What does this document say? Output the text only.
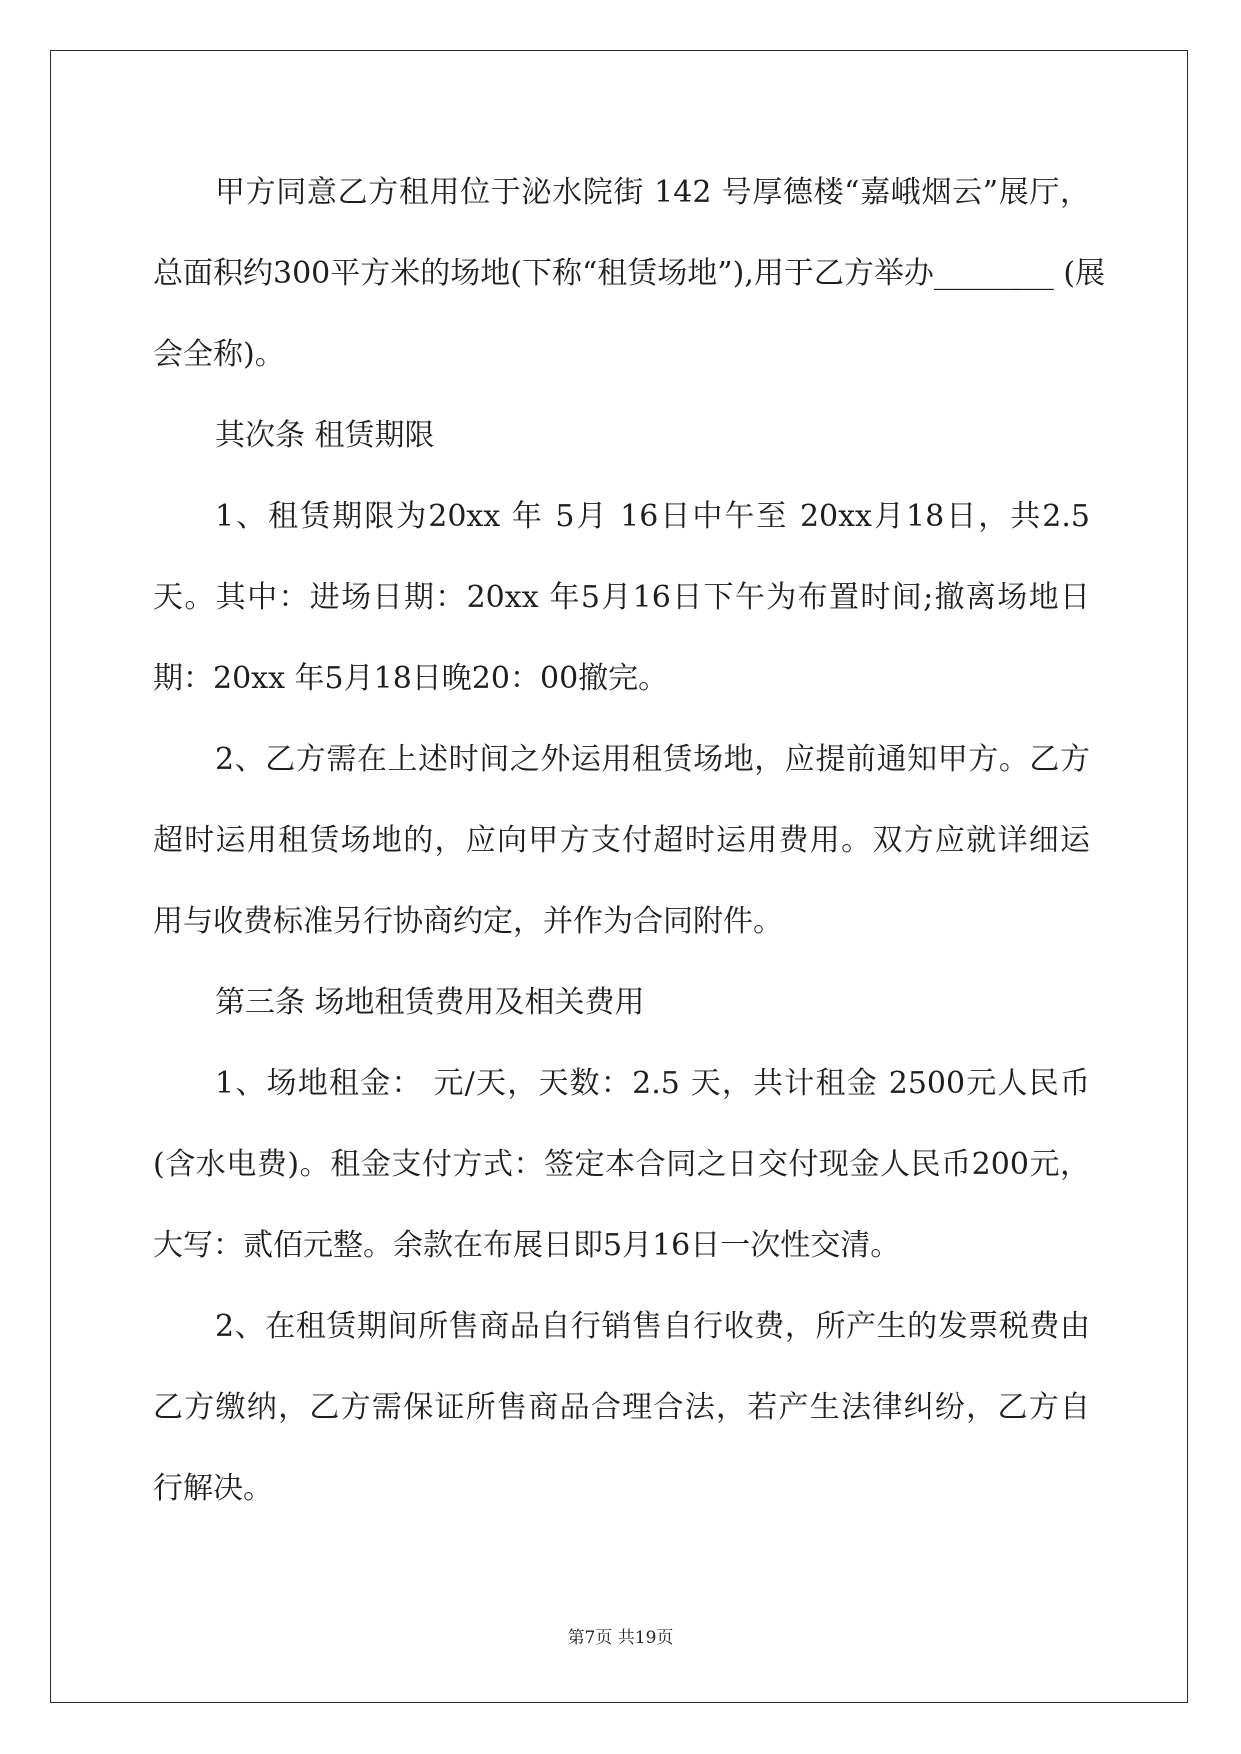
甲方同意乙方租用位于泌水院街 142 号厚德楼“嘉峨烟云”展厅，
总面积约300平方米的场地(下称“租赁场地”),用于乙方举办________ (展
会全称)。
其次条 租赁期限
1、租赁期限为20xx 年 5月 16日中午至 20xx月18日，共2.5
天。其中：进场日期：20xx 年5月16日下午为布置时间;撤离场地日
期：20xx 年5月18日晚20：00撤完。
2、乙方需在上述时间之外运用租赁场地，应提前通知甲方。乙方
超时运用租赁场地的，应向甲方支付超时运用费用。双方应就详细运
用与收费标准另行协商约定，并作为合同附件。
第三条 场地租赁费用及相关费用
1、场地租金： 元/天，天数：2.5 天，共计租金 2500元人民币
(含水电费)。租金支付方式：签定本合同之日交付现金人民币200元，
大写：贰佰元整。余款在布展日即5月16日一次性交清。
2、在租赁期间所售商品自行销售自行收费，所产生的发票税费由
乙方缴纳，乙方需保证所售商品合理合法，若产生法律纠纷，乙方自
行解决。
第7页 共19页
